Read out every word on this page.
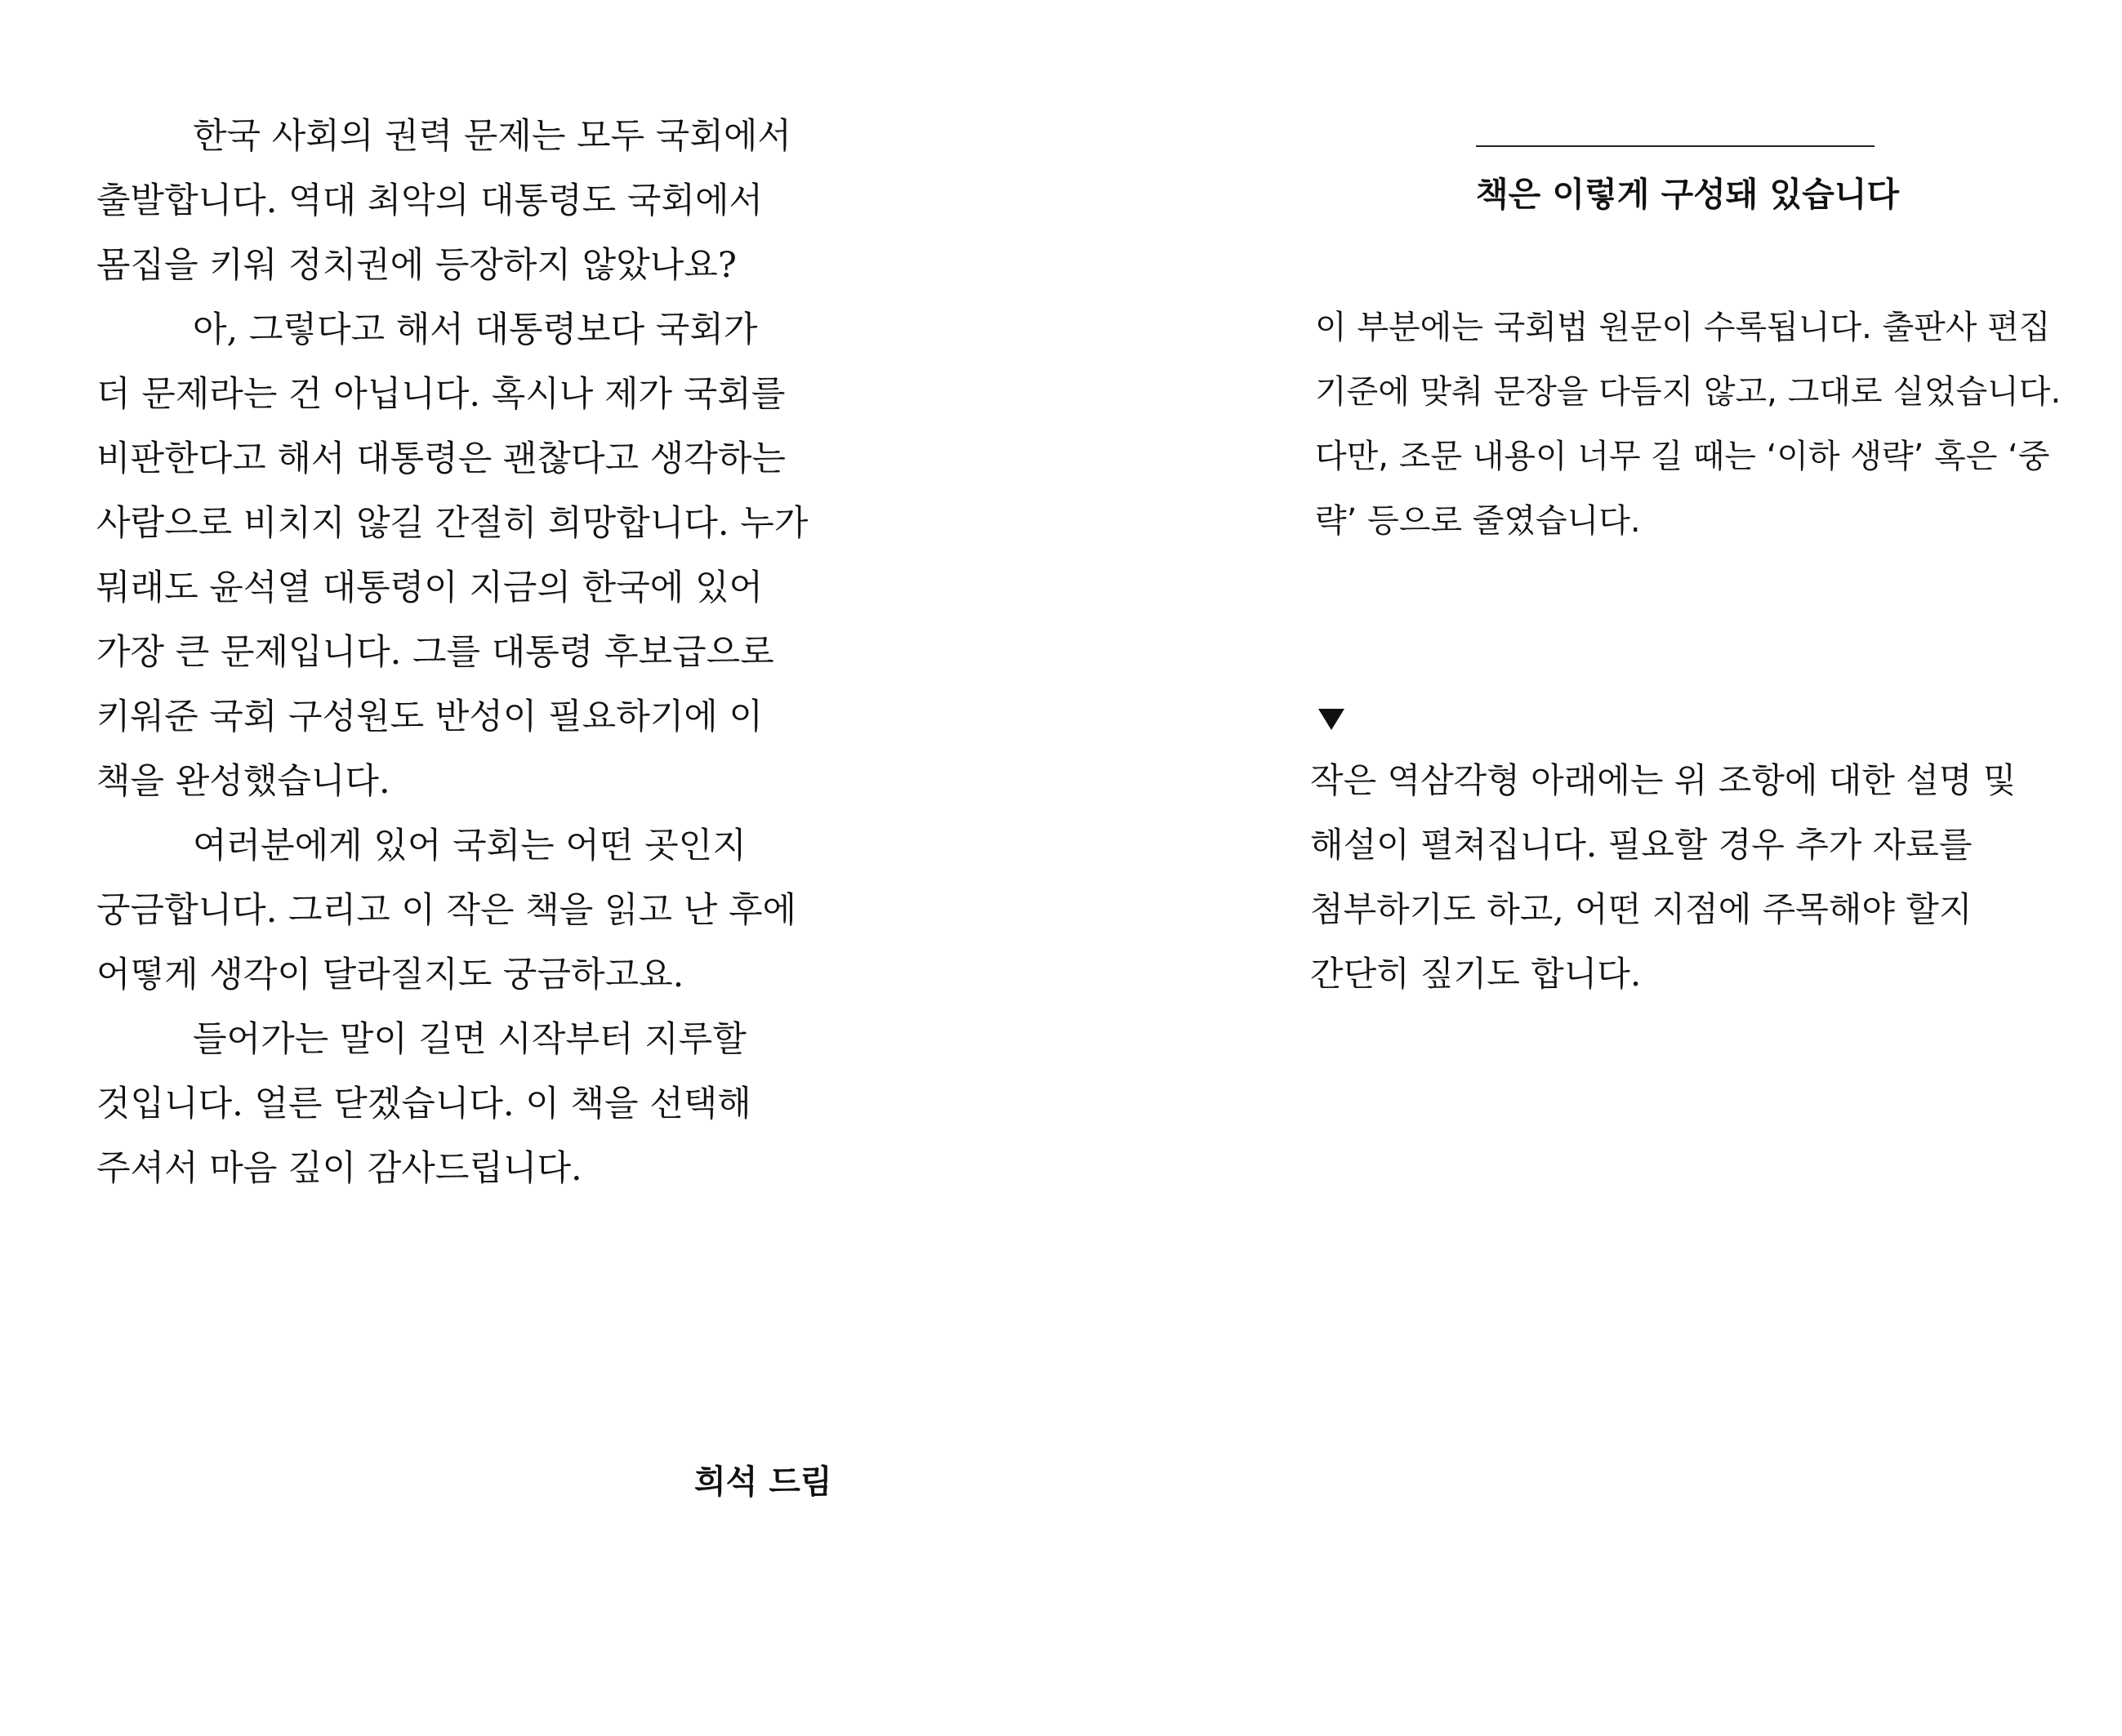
한국 사회의 권력 문제는 모두 국회에서
출발합니다. 역대 최악의 대통령도 국회에서
몸집을 키워 정치권에 등장하지 않았나요?
아, 그렇다고 해서 대통령보다 국회가
더 문제라는 건 아닙니다. 혹시나 제가 국회를
비판한다고 해서 대통령은 괜찮다고 생각하는
사람으로 비치지 않길 간절히 희망합니다. 누가
뭐래도 윤석열 대통령이 지금의 한국에 있어
가장 큰 문제입니다. 그를 대통령 후보급으로
키워준 국회 구성원도 반성이 필요하기에 이
책을 완성했습니다.
여러분에게 있어 국회는 어떤 곳인지
궁금합니다. 그리고 이 작은 책을 읽고 난 후에
어떻게 생각이 달라질지도 궁금하고요.
들어가는 말이 길면 시작부터 지루할
것입니다. 얼른 닫겠습니다. 이 책을 선택해
주셔서 마음 깊이 감사드립니다.
희석 드림
책은 이렇게 구성돼 있습니다
이 부분에는 국회법 원문이 수록됩니다. 출판사 편집
기준에 맞춰 문장을 다듬지 않고, 그대로 실었습니다.
다만, 조문 내용이 너무 길 때는 ‘이하 생략’ 혹은 ‘중
략’ 등으로 줄였습니다.
작은 역삼각형 아래에는 위 조항에 대한 설명 및
해설이 펼쳐집니다. 필요할 경우 추가 자료를
첨부하기도 하고, 어떤 지점에 주목해야 할지
간단히 짚기도 합니다.
